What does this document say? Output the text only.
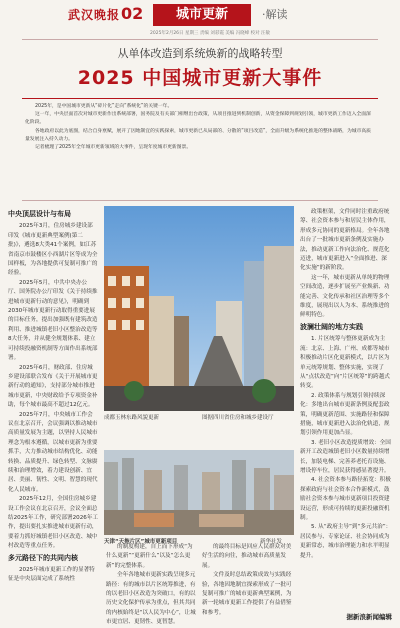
武汉晚报 02	城市更新	·解读
2025年2月26日 星期三 责编 刘彩霞 美编 冯晓峰 校对 汪敏
从单体改造到系统焕新的战略转型
2025 中国城市更新大事件

2025年，是中国城市更新从“碎片化”走向“系统化”的关键一年。

这一年，中央层面首次对城市更新作出系统部署，国务院及有关部门相继出台政策，从项目推进到机制创新，从资金保障到规划引领，城市更新工作迈入全面深化阶段。

各地政府以此为底图，结合自身禀赋，展开了因地制宜的实践探索，城市更新已从局部的、分散的“项目改造”，全面升级为系统化推进的整体战略，为城市高质量发展注入持久动力。

记者梳理了2025年全年城市更新领域的大事件，呈现年度城市更新图景。

中央顶层设计与布局

2025年3月，住房城乡建设部印发《城市更新典型案例(第二批)》，遴选8大类41个案例，如江苏省南京市鼓楼区小西湖片区等成为全国样板，为各地提供可复制可推广的经验。

2025年5月，中共中央办公厅、国务院办公厅印发《关于持续推进城市更新行动的意见》，明确到2030年城市更新行动取得重要进展的目标任务，提出加强既有建筑改造利用、推进城镇老旧小区整治改造等8大任务，并从健全规划体系、建立可持续投融资机制等方面作出系统部署。

2025年6月，财政部、住房城乡建设部联合发布《关于开展城市更新行动的通知》，支持部分城市推进城市更新，中央财政给予专项资金补助，每个城市最高不超过12亿元。

2025年7月，中央城市工作会议在北京召开，会议强调以推动城市高质量发展为主题，以坚持人民城市理念为根本遵循，以城市更新为重要抓手，大力推动城市结构优化、动能转换、品质提升、绿色转型、文脉赓续和治理增效，着力建设创新、宜居、美丽、韧性、文明、智慧的现代化人民城市。

2025年12月，全国住房城乡建设工作会议在北京召开，会议全面总结2025年工作，研究部署2026年工作，提出要扎实推进城市更新行动，要着力抓好城镇老旧小区改造、城中村改造等重点任务。

多元路径下的共同内核

2025年城市更新工作的显著特征是中央层面完成了系统性

成都玉林东路风貌更新	图据四川省住房和城乡建设厅
天津“天拖片区”城市更新项目	新华社发

政策框架，文件同时注重政府统筹、社会资本参与和居民主体作用，形成多元协同的更新格局。全年各地出台了一批城市更新条例及实施办法，推动更新工作向法治化、规范化迈进，城市更新进入“全面推进、深化实施”的新阶段。

这一年，城市更新从单纯的物理空间改造，逐步扩展至产业焕新、功能完善、文化传承和社区治理等多个维度，展现出以人为本、系统推进的鲜明特色。

波澜壮阔的地方实践

1. 片区统筹与整体更新成为主流：北京、上海、广州、成都等城市积极推动片区化更新模式，以片区为单元统筹规划、整体实施，实现了从“点状改造”向“片区统筹”的跨越式转变。

2. 政策体系与规划引领持续深化：多地出台城市更新条例及配套政策，明确更新范围、实施路径和保障措施，城市更新进入法治化轨道，规划引领作用更加凸显。

3. 老旧小区改造提质增效：全国新开工改造城镇老旧小区数量持续增长，加装电梯、完善养老托育设施、增设停车位，居民获得感显著提升。

4. 社会资本参与路径拓宽：积极探索政府与社会资本合作新模式，鼓励社会资本参与城市更新项目投资建设运营，形成可持续的更新投融资机制。

5. 从“政府主导”到“多元共治”：居民参与、专家论证、社会协同成为更新常态，城市治理能力和水平明显提升。

的制度构建，自上而下形成“为什么更新”“更新什么”以及“怎么更新”的完整体系。

全年各地城市更新实践呈现多元路径：有的城市以片区统筹推进，有的以老旧小区改造为突破口，有的以历史文化保护传承为重点，但其共同的内核始终是“以人民为中心”，让城市更宜居、更韧性、更智慧。

的最终目标是回应人民群众对美好生活的向往，推动城市高质量发展。

文件及时总结政策成效与实践经验，各地因地制宜探索形成了一批可复制可推广的城市更新典型案例，为新一轮城市更新工作提供了有益借鉴和参考。

据新浪新闻编辑
